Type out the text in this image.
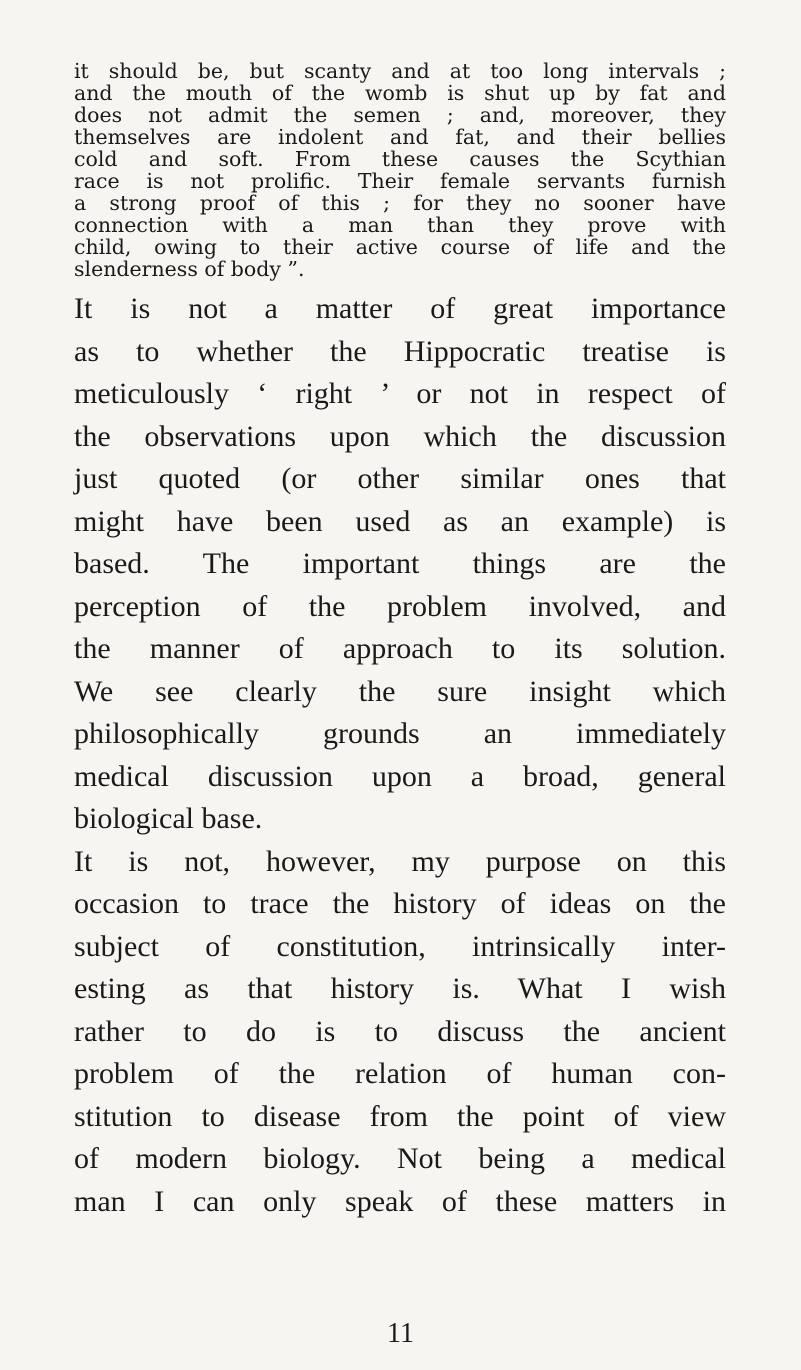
it should be, but scanty and at too long intervals ;
and the mouth of the womb is shut up by fat and
does not admit the semen ; and, moreover, they
themselves are indolent and fat, and their bellies
cold and soft. From these causes the Scythian
race is not prolific. Their female servants furnish
a strong proof of this ; for they no sooner have
connection with a man than they prove with
child, owing to their active course of life and the
slenderness of body ”.
It is not a matter of great importance
as to whether the Hippocratic treatise is
meticulously ‘ right ’ or not in respect of
the observations upon which the discussion
just quoted (or other similar ones that
might have been used as an example) is
based. The important things are the
perception of the problem involved, and
the manner of approach to its solution.
We see clearly the sure insight which
philosophically grounds an immediately
medical discussion upon a broad, general
biological base.
It is not, however, my purpose on this
occasion to trace the history of ideas on the
subject of constitution, intrinsically inter-
esting as that history is. What I wish
rather to do is to discuss the ancient
problem of the relation of human con-
stitution to disease from the point of view
of modern biology. Not being a medical
man I can only speak of these matters in
11
